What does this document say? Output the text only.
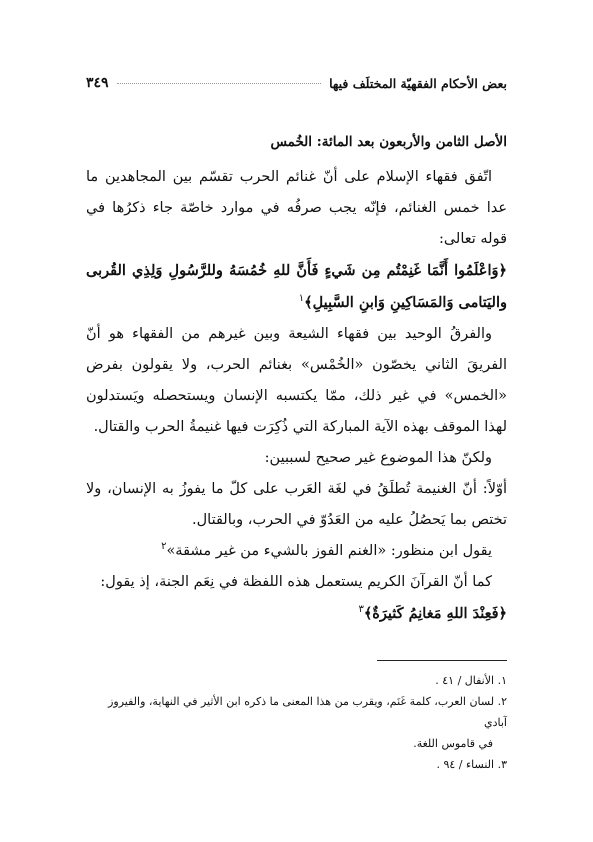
بعض الأحكام الفقهيّة المختلَف فيها
٣٤٩

الأصل الثامن والأربعون بعد المائة: الخُمس

اتّفق فقهاء الإسلام على أنّ غنائم الحرب تقسّم بين المجاهدين ما عدا خمس الغنائم، فإنّه يجب صرفُه في موارد خاصّة جاء ذكرُها في قوله تعالى:

﴿وَاعْلَمُوا أَنَّمَا غَنِمْتُم مِن شَيءٍ فَأَنَّ للهِ خُمُسَهُ وللرَّسُولِ وَلِذِي القُربى واليَتامى وَالمَسَاكِينِ وَابنِ السَّبِيلِ﴾$^١$

والفرقُ الوحيد بين فقهاء الشيعة وبين غيرهم من الفقهاء هو أنّ الفريقَ الثاني يخصّون «الخُمْس» بغنائم الحرب، ولا يقولون بفرض «الخمس» في غير ذلك، ممّا يكتسبه الإنسان ويستحصله ويَستدلون لهذا الموقف بهذه الآية المباركة التي ذُكِرَت فيها غنيمةُ الحرب والقتال.

ولكنّ هذا الموضوع غير صحيح لسببين:

أوّلاً: أنّ الغنيمة تُطلَقُ في لغَة العَرب على كلّ ما يفوزُ به الإنسان، ولا تختص بما يَحصُلُ عليه من العَدُوّ في الحرب، وبالقتال.

يقول ابن منظور: «الغنم الفوز بالشيء من غير مشقة»$^٢$

كما أنّ القرآنَ الكريم يستعمل هذه اللفظة في نِعَم الجنة، إذ يقول:

﴿فَعِنْدَ اللهِ مَغانِمُ كَثيرَةٌ﴾$^٣$

١. الأنفال / ٤١ .
٢. لسان العرب، كلمة غَنَم، ويقرب من هذا المعنى ما ذكره ابن الأثير في النهاية، والفيروز آبادي
في قاموس اللغة.
٣. النساء / ٩٤ .
